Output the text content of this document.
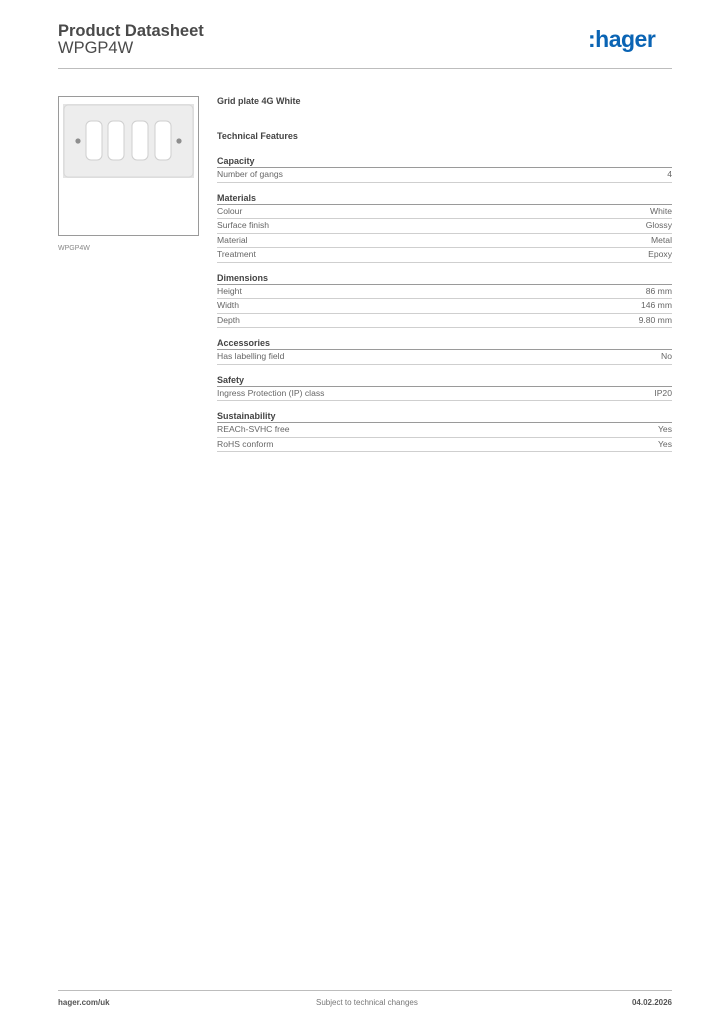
Product Datasheet
WPGP4W	:hager
WPGP4W
Grid plate 4G White
Technical Features
Capacity
Number of gangs	4
Materials
Colour	White
Surface finish	Glossy
Material	Metal
Treatment	Epoxy
Dimensions
Height	86 mm
Width	146 mm
Depth	9.80 mm
Accessories
Has labelling field	No
Safety
Ingress Protection (IP) class	IP20
Sustainability
REACh-SVHC free	Yes
RoHS conform	Yes
hager.com/uk	Subject to technical changes	04.02.2026
